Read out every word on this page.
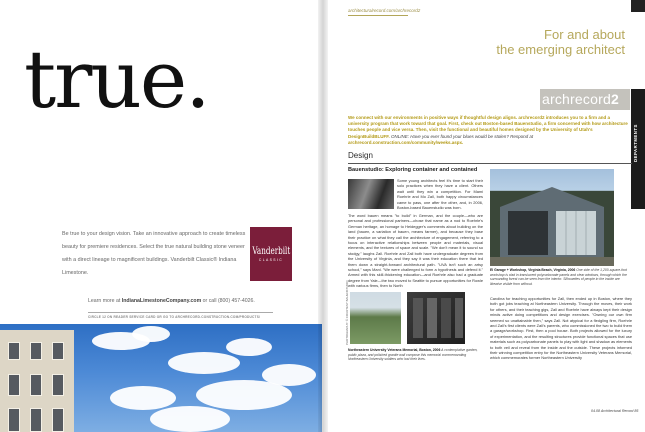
true.

Be true to your design vision. Take an innovative approach to create timeless beauty for premiere residences. Select the true natural building stone veneer with a direct lineage to magnificent buildings. Vanderbilt Classic® Indiana Limestone.

Learn more at IndianaLimestoneCompany.com or call (800) 457-4026.

CIRCLE 12 ON READER SERVICE CARD OR GO TO ARCHRECORD.CONSTRUCTION.COM/PRODUCTS/

Vanderbilt
CLASSIC
architecturalrecord.com/archrecord2
For and about
the emerging architect
archrecord2
DEPARTMENTS

We connect with our environments in positive ways if thoughtful design aligns. archrecord2 introduces you to a firm and a university program that work toward that goal. First, check out Boston-based Bauenstudio, a firm concerned with how architecture touches people and vice versa. Then, visit the functional and beautiful homes designed by the University of Utah's DesignBuildBLUFF. ONLINE: Have you ever found your blues would be stolen? Respond at archrecord.construction.com/community/weeks.aspx.

Design
Bauenstudio: Exploring container and contained

Some young architects feel it's time to start their solo practices when they have a client. Others wait until they win a competition. For Mami Roehrle and Mo Zall, both happy circumstances came to pass, one after the other, and, in 2006, Boston-based Bauenstudio was born.

The word bauen means "to build" in German, and the couple—who are personal and professional partners—chose that name as a nod to Roehrle's German heritage, an homage to Heidegger's comments about building on the land (bauen, a variation of bauen, means farmer), and because they base their practice on what they call the architecture of engagement, referring to a focus on interactive relationships between people and materials, visual elements, and the textures of space and scale. "We don't mean it to sound so stodgy," laughs Zall. Roehrle and Zall both have undergraduate degrees from the University of Virginia, and they say it was their education there that led them down a straight-forward architectural path. "UVA isn't such an artsy school," says Mani. "We were challenged to form a hypothesis and defend it." Armed with this skill-thickening education—and Roehrle also had a graduate degree from Yale—the two moved to Seattle to pursue opportunities for Rowle with various firms, then to North

El Garage + Workshop, Virginia Beach, Virginia, 2006 One side of the 1,200-square-foot workshop is clad in translucent polycarbonate panels and clear windows, through which the surrounding forest can be seen from the interior. Silhouettes of people in the inside are likewise visible from without.

Carolina for teaching opportunities for Zall, then ended up in Boston, where they both got jobs teaching at Northeastern University. Through the moves, their work for others, and their teaching gigs, Zall and Roehrle have always kept their design minds active doing competitions and design exercises. "Owning our own firm seemed so unattainable then," says Zall. Not atypical for a fledgling firm, Roehrle and Zall's first clients were Zall's parents, who commissioned the two to build them a garage/workshop. First, then a pool house. Both projects allowed for the luxury of experimentation, and the resulting structures provide functional spaces that use materials such as polycarbonate panels to play with light and shadow as elements to both veil and reveal from the inside and the outside. These projects informed their winning competition entry for the Northeastern University Veterans Memorial, which commemorates former Northeastern University

PHOTOGRAPHY: © COURTESY BAUENSTUDIO

Northeastern University Veterans Memorial, Boston, 2006 A contemplative garden, public plaza, and polished granite wall compose this memorial commemorating Northeastern University soldiers who lost their lives.

04.08 Architectural Record 85
